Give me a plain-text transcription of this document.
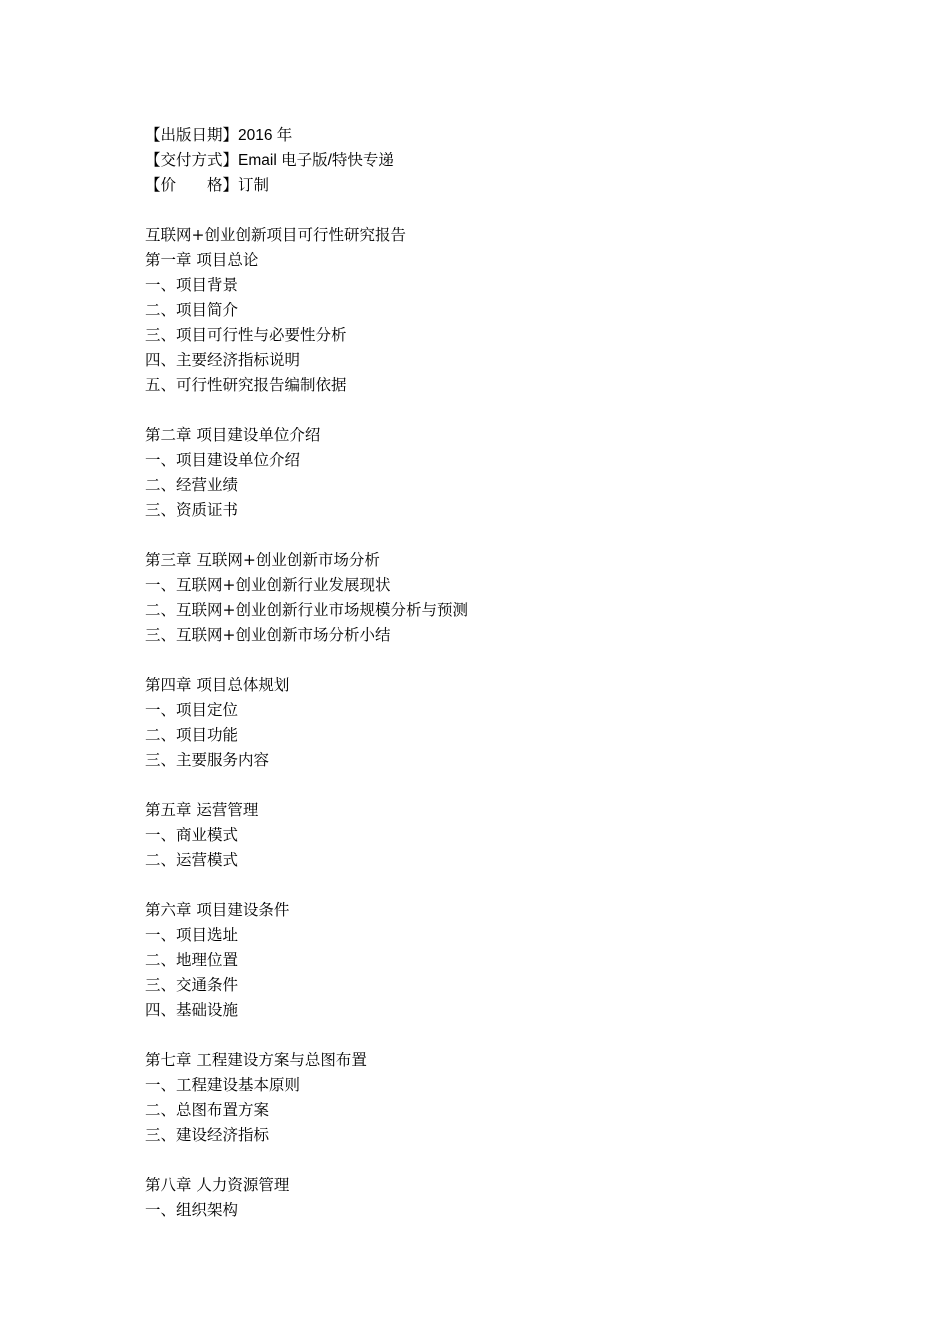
【出版日期】2016 年
【交付方式】Email 电子版/特快专递
【价　　格】订制
互联网+创业创新项目可行性研究报告
第一章 项目总论
一、项目背景
二、项目简介
三、项目可行性与必要性分析
四、主要经济指标说明
五、可行性研究报告编制依据
第二章 项目建设单位介绍
一、项目建设单位介绍
二、经营业绩
三、资质证书
第三章 互联网+创业创新市场分析
一、互联网+创业创新行业发展现状
二、互联网+创业创新行业市场规模分析与预测
三、互联网+创业创新市场分析小结
第四章 项目总体规划
一、项目定位
二、项目功能
三、主要服务内容
第五章 运营管理
一、商业模式
二、运营模式
第六章 项目建设条件
一、项目选址
二、地理位置
三、交通条件
四、基础设施
第七章 工程建设方案与总图布置
一、工程建设基本原则
二、总图布置方案
三、建设经济指标
第八章 人力资源管理
一、组织架构
